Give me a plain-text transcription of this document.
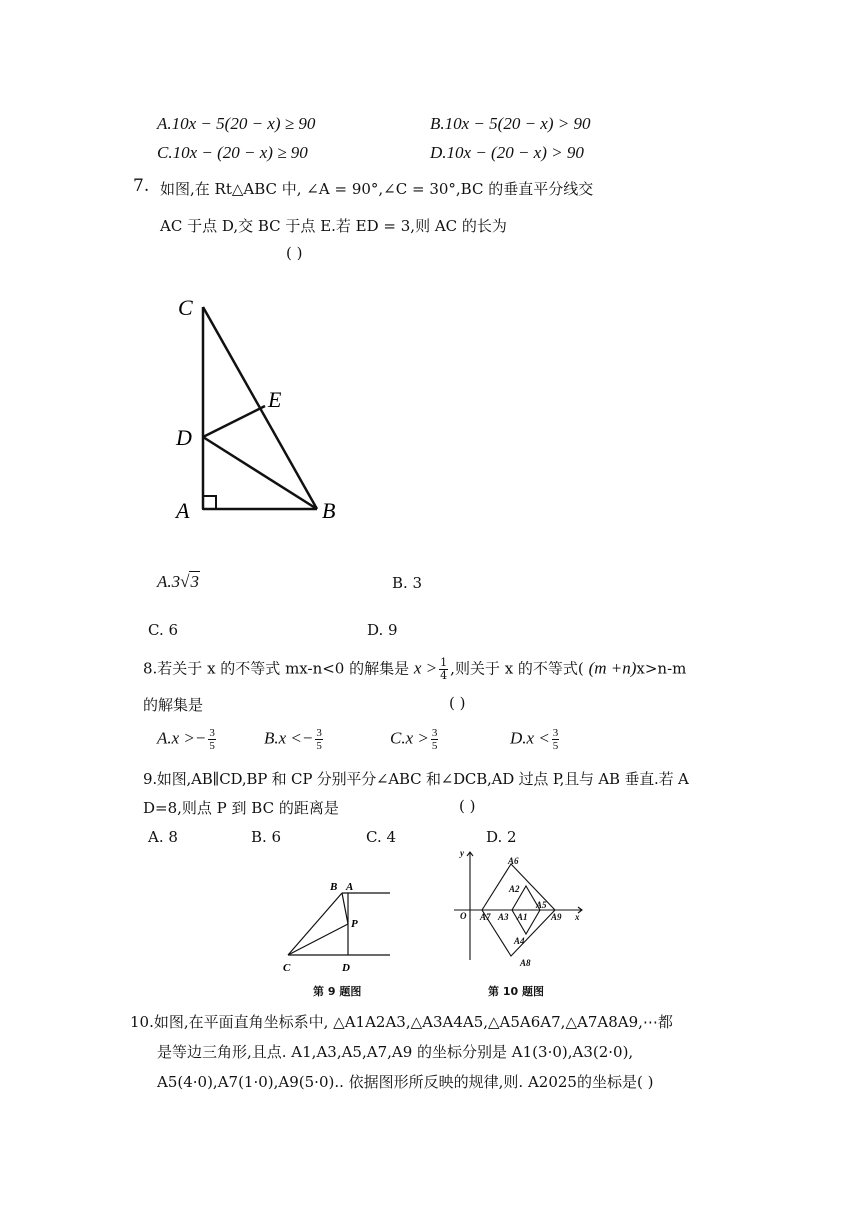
A.10x − 5(20 − x) ≥ 90	B.10x − 5(20 − x) > 90
C.10x − (20 − x) ≥ 90	D.10x − (20 − x) > 90
7. 如图,在 Rt△ABC 中, ∠A = 90°,∠C = 30°,BC 的垂直平分线交
AC 于点 D,交 BC 于点 E.若 ED = 3,则 AC 的长为
( )
C
E
D
A	B
A.3√3	B. 3
C. 6	D. 9
8.若关于 x 的不等式 mx-n<0 的解集是 $x > \frac{1}{4}$ ,则关于 x 的不等式( (m +n)x>n-m
的解集是	( )
$A.x >- \frac{3}{5}$	$B.x <- \frac{3}{5}$	$C.x > \frac{3}{5}$	$D.x < \frac{3}{5}$
9.如图,AB∥CD,BP 和 CP 分别平分∠ABC 和∠DCB,AD 过点 P,且与 AB 垂直.若 A
D=8,则点 P 到 BC 的距离是	( )
A. 8	B. 6	C. 4	D. 2
B A
P
C	D
第 9 题图
y
x
O
A6
A2
A7 A3 A1
A5
A9
A4
A8
第 10 题图
10.如图,在平面直角坐标系中, △A1A2A3,△A3A4A5,△A5A6A7,△A7A8A9,⋯都
是等边三角形,且点. A1,A3,A5,A7,A9 的坐标分别是 A1(3·0),A3(2·0),
A5(4·0),A7(1·0),A9(5·0).. 依据图形所反映的规律,则. A2025的坐标是( )
